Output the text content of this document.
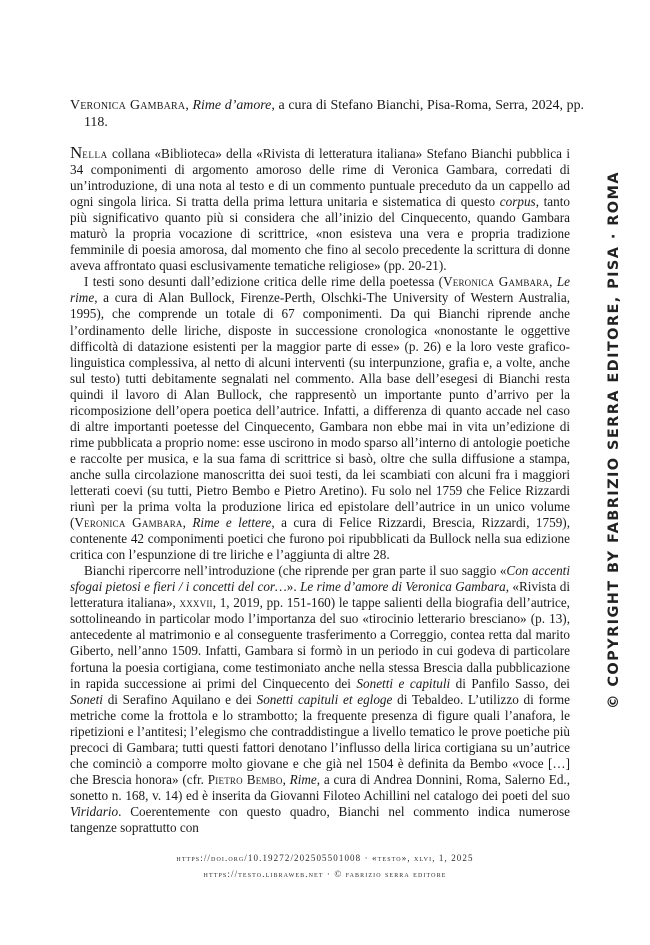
Veronica Gambara, Rime d’amore, a cura di Stefano Bianchi, Pisa-Roma, Serra, 2024, pp. 118.

Nella collana «Biblioteca» della «Rivista di letteratura italiana» Stefano Bianchi pubblica i 34 componimenti di argomento amoroso delle rime di Veronica Gambara, corredati di un’introduzione, di una nota al testo e di un commento puntuale preceduto da un cappello ad ogni singola lirica. Si tratta della prima lettura unitaria e sistematica di questo corpus, tanto più significativo quanto più si considera che all’inizio del Cinquecento, quando Gambara maturò la propria vocazione di scrittrice, «non esisteva una vera e propria tradizione femminile di poesia amorosa, dal momento che fino al secolo precedente la scrittura di donne aveva affrontato quasi esclusivamente tematiche religiose» (pp. 20-21).

I testi sono desunti dall’edizione critica delle rime della poetessa (Veronica Gambara, Le rime, a cura di Alan Bullock, Firenze-Perth, Olschki-The University of Western Australia, 1995), che comprende un totale di 67 componimenti. Da qui Bianchi riprende anche l’ordinamento delle liriche, disposte in successione cronologica «nonostante le oggettive difficoltà di datazione esistenti per la maggior parte di esse» (p. 26) e la loro veste grafico-linguistica complessiva, al netto di alcuni interventi (su interpunzione, grafia e, a volte, anche sul testo) tutti debitamente segnalati nel commento. Alla base dell’esegesi di Bianchi resta quindi il lavoro di Alan Bullock, che rappresentò un importante punto d’arrivo per la ricomposizione dell’opera poetica dell’autrice. Infatti, a differenza di quanto accade nel caso di altre importanti poetesse del Cinquecento, Gambara non ebbe mai in vita un’edizione di rime pubblicata a proprio nome: esse uscirono in modo sparso all’interno di antologie poetiche e raccolte per musica, e la sua fama di scrittrice si basò, oltre che sulla diffusione a stampa, anche sulla circolazione manoscritta dei suoi testi, da lei scambiati con alcuni fra i maggiori letterati coevi (su tutti, Pietro Bembo e Pietro Aretino). Fu solo nel 1759 che Felice Rizzardi riunì per la prima volta la produzione lirica ed epistolare dell’autrice in un unico volume (Veronica Gambara, Rime e lettere, a cura di Felice Rizzardi, Brescia, Rizzardi, 1759), contenente 42 componimenti poetici che furono poi ripubblicati da Bullock nella sua edizione critica con l’espunzione di tre liriche e l’aggiunta di altre 28.

Bianchi ripercorre nell’introduzione (che riprende per gran parte il suo saggio «Con accenti sfogai pietosi e fieri / i concetti del cor…». Le rime d’amore di Veronica Gambara, «Rivista di letteratura italiana», xxxvii, 1, 2019, pp. 151-160) le tappe salienti della biografia dell’autrice, sottolineando in particolar modo l’importanza del suo «tirocinio letterario bresciano» (p. 13), antecedente al matrimonio e al conseguente trasferimento a Correggio, contea retta dal marito Giberto, nell’anno 1509. Infatti, Gambara si formò in un periodo in cui godeva di particolare fortuna la poesia cortigiana, come testimoniato anche nella stessa Brescia dalla pubblicazione in rapida successione ai primi del Cinquecento dei Sonetti e capituli di Panfilo Sasso, dei Soneti di Serafino Aquilano e dei Sonetti capituli et egloge di Tebaldeo. L’utilizzo di forme metriche come la frottola e lo strambotto; la frequente presenza di figure quali l’anafora, le ripetizioni e l’antitesi; l’elegismo che contraddistingue a livello tematico le prove poetiche più precoci di Gambara; tutti questi fattori denotano l’influsso della lirica cortigiana su un’autrice che cominciò a comporre molto giovane e che già nel 1504 è definita da Bembo «voce […] che Brescia honora» (cfr. Pietro Bembo, Rime, a cura di Andrea Donnini, Roma, Salerno Ed., sonetto n. 168, v. 14) ed è inserita da Giovanni Filoteo Achillini nel catalogo dei poeti del suo Viridario. Coerentemente con questo quadro, Bianchi nel commento indica numerose tangenze soprattutto con

https://doi.org/10.19272/202505501008 · «testo», xlvi, 1, 2025
https://testo.libraweb.net · © fabrizio serra editore
© COPYRIGHT BY FABRIZIO SERRA EDITORE, PISA · ROMA
